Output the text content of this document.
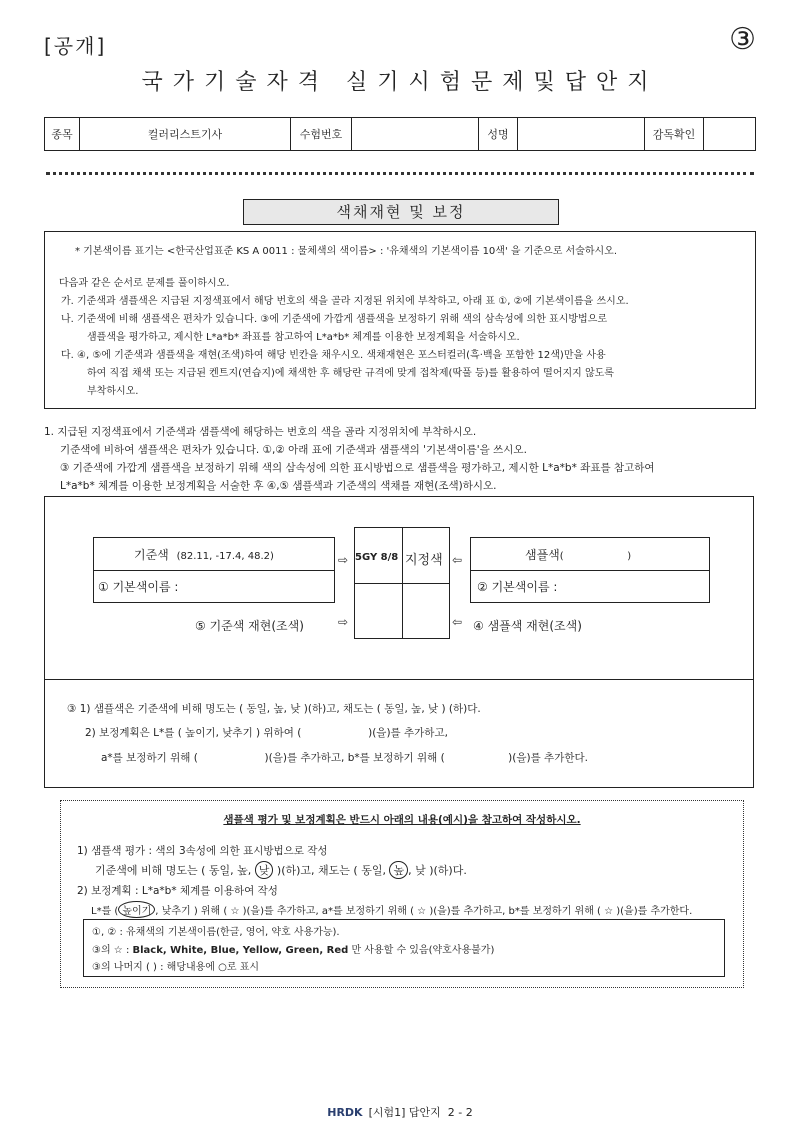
[공개]	③
국가기술자격 실기시험문제및답안지
종목	컬러리스트기사	수험번호		성명		감독확인	
색채재현 및 보정
* 기본색이름 표기는 <한국산업표준 KS A 0011 : 물체색의 색이름> : '유채색의 기본색이름 10색' 을 기준으로 서술하시오.
다음과 같은 순서로 문제를 풀이하시오.
가. 기준색과 샘플색은 지급된 지정색표에서 해당 번호의 색을 골라 지정된 위치에 부착하고, 아래 표 ①, ②에 기본색이름을 쓰시오.
나. 기준색에 비해 샘플색은 편차가 있습니다. ③에 기준색에 가깝게 샘플색을 보정하기 위해 색의 삼속성에 의한 표시방법으로
샘플색을 평가하고, 제시한 L*a*b* 좌표를 참고하여 L*a*b* 체계를 이용한 보정계획을 서술하시오.
다. ④, ⑤에 기준색과 샘플색을 재현(조색)하여 해당 빈칸을 채우시오. 색채재현은 포스터컬러(흑·백을 포함한 12색)만을 사용
하여 직접 채색 또는 지급된 켄트지(연습지)에 채색한 후 해당란 규격에 맞게 접착제(딱풀 등)를 활용하여 떨어지지 않도록
부착하시오.
1. 지급된 지정색표에서 기준색과 샘플색에 해당하는 번호의 색을 골라 지정위치에 부착하시오.
기준색에 비하여 샘플색은 편차가 있습니다. ①,② 아래 표에 기준색과 샘플색의 '기본색이름'을 쓰시오.
③ 기준색에 가깝게 샘플색을 보정하기 위해 색의 삼속성에 의한 표시방법으로 샘플색을 평가하고, 제시한 L*a*b* 좌표를 참고하여
L*a*b* 체계를 이용한 보정계획을 서술한 후 ④,⑤ 샘플색과 기준색의 색채를 재현(조색)하시오.
기준색 (82.11, -17.4, 48.2)
① 기본색이름 :
⇨ 5GY 8/8 지정색 ⇦	샘플색(                    )
② 기본색이름 :
⑤ 기준색 재현(조색)	⇨	⇦ ④ 샘플색 재현(조색)
③ 1) 샘플색은 기준색에 비해 명도는 ( 동일, 높, 낮 )(하)고, 채도는 ( 동일, 높, 낮 ) (하)다.
2) 보정계획은 L*를 ( 높이기, 낮추기 ) 위하여 (                    )(을)를 추가하고,
a*를 보정하기 위해 (                    )(을)를 추가하고, b*를 보정하기 위해 (                   )(을)를 추가한다.
샘플색 평가 및 보정계획은 반드시 아래의 내용(예시)을 참고하여 작성하시오.
1) 샘플색 평가 : 색의 3속성에 의한 표시방법으로 작성
기준색에 비해 명도는 ( 동일, 높, 낮 )(하)고, 채도는 ( 동일, 높 , 낮 )(하)다.
2) 보정계획 : L*a*b* 체계를 이용하여 작성
L*를 ( 높이기 , 낮추기 ) 위해 ( ☆ )(을)를 추가하고, a*를 보정하기 위해 ( ☆ )(을)를 추가하고, b*를 보정하기 위해 ( ☆ )(을)를 추가한다.
①, ② : 유채색의 기본색이름(한글, 영어, 약호 사용가능).
③의 ☆ : Black, White, Blue, Yellow, Green, Red 만 사용할 수 있음(약호사용불가)
③의 나머지 ( ) : 해당내용에 ○로 표시
HRDK [시험1] 답안지  2 - 2
